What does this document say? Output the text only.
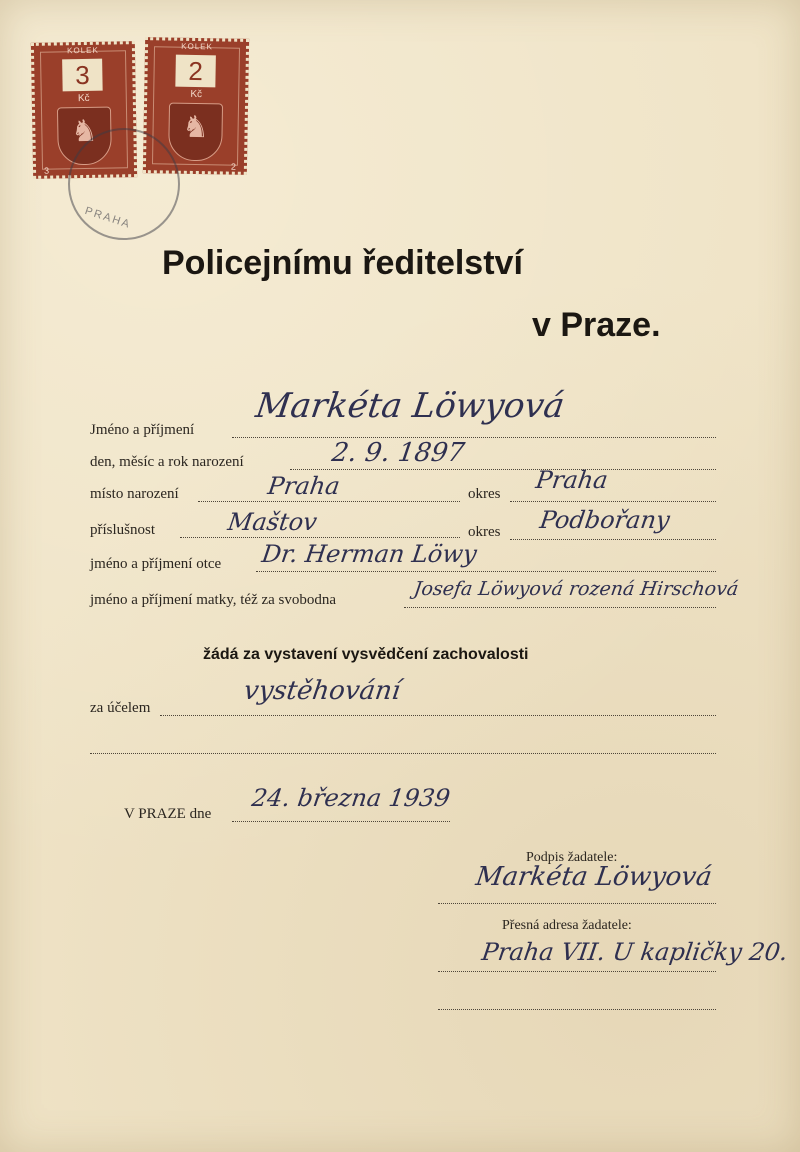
KOLEK
3
Kč
♞
3
KOLEK
2
Kč
♞
2
PRAHA
Policejnímu ředitelství
v Praze.
Jméno a příjmení
Markéta Löwyová
den, měsíc a rok narození	2. 9. 1897
místo narození	Praha	okres Praha
příslušnost	Maštov	okres Podbořany
jméno a příjmení otce Dr. Herman Löwy
jméno a příjmení matky, též za svobodna	Josefa Löwyová rozená Hirschová
žádá za vystavení vysvědčení zachovalosti
za účelem
vystěhování
V PRAZE dne
24. března 1939
Podpis žadatele:
Markéta Löwyová
Přesná adresa žadatele:
Praha VII. U kapličky 20.
